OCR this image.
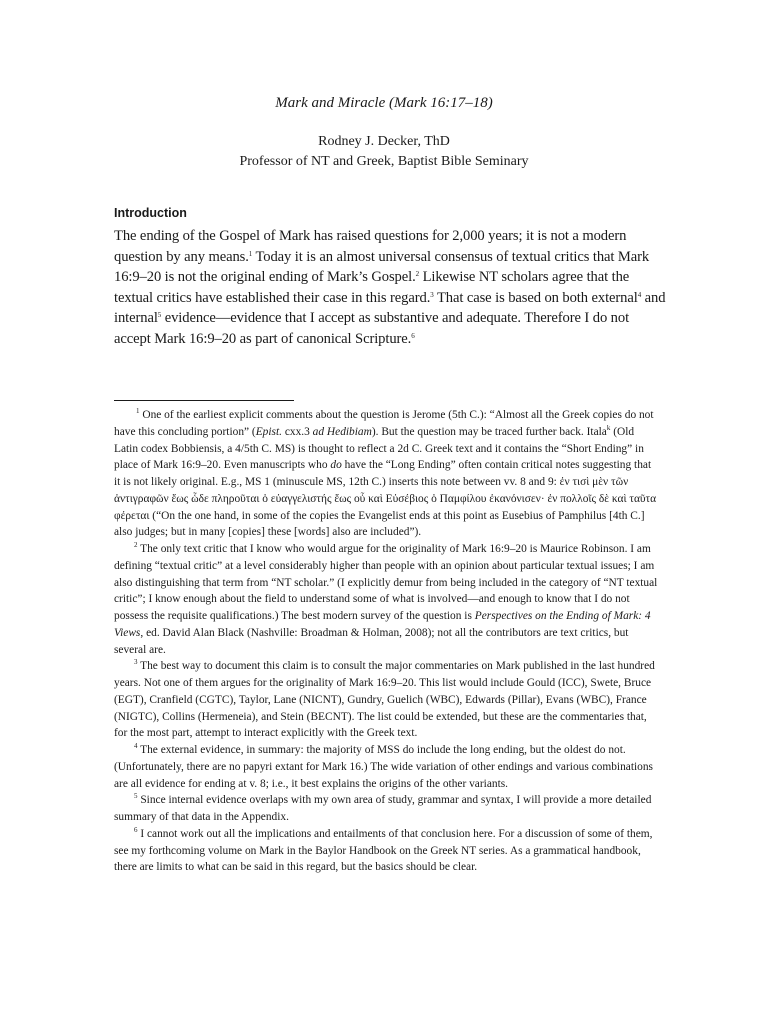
Mark and Miracle (Mark 16:17–18)
Rodney J. Decker, ThD
Professor of NT and Greek, Baptist Bible Seminary
Introduction

The ending of the Gospel of Mark has raised questions for 2,000 years; it is not a modern question by any means.$^1$ Today it is an almost universal consensus of textual critics that Mark 16:9–20 is not the original ending of Mark’s Gospel.$^2$ Likewise NT scholars agree that the textual critics have established their case in this regard.$^3$ That case is based on both external$^4$ and internal$^5$ evidence—evidence that I accept as substantive and adequate. Therefore I do not accept Mark 16:9–20 as part of canonical Scripture.$^6$

$^1$ One of the earliest explicit comments about the question is Jerome (5th C.): “Almost all the Greek copies do not have this concluding portion” (Epist. cxx.3 ad Hedibiam). But the question may be traced further back. Itala$^k$ (Old Latin codex Bobbiensis, a 4/5th C. MS) is thought to reflect a 2d C. Greek text and it contains the “Short Ending” in place of Mark 16:9–20. Even manuscripts who do have the “Long Ending” often contain critical notes suggesting that it is not likely original. E.g., MS 1 (minuscule MS, 12th C.) inserts this note between vv. 8 and 9: ἐν τισὶ μὲν τῶν ἀντιγραφῶν ἕως ὧδε πληροῦται ὁ εὐαγγελιστής ἕως οὗ καὶ Εὐσέβιος ὁ Παμφίλου ἐκανόνισεν· ἐν πολλοῖς δὲ καὶ ταῦτα φέρεται (“On the one hand, in some of the copies the Evangelist ends at this point as Eusebius of Pamphilus [4th C.] also judges; but in many [copies] these [words] also are included”).

$^2$ The only text critic that I know who would argue for the originality of Mark 16:9–20 is Maurice Robinson. I am defining “textual critic” at a level considerably higher than people with an opinion about particular textual issues; I am also distinguishing that term from “NT scholar.” (I explicitly demur from being included in the category of “NT textual critic”; I know enough about the field to understand some of what is involved—and enough to know that I do not possess the requisite qualifications.) The best modern survey of the question is Perspectives on the Ending of Mark: 4 Views, ed. David Alan Black (Nashville: Broadman & Holman, 2008); not all the contributors are text critics, but several are.

$^3$ The best way to document this claim is to consult the major commentaries on Mark published in the last hundred years. Not one of them argues for the originality of Mark 16:9–20. This list would include Gould (ICC), Swete, Bruce (EGT), Cranfield (CGTC), Taylor, Lane (NICNT), Gundry, Guelich (WBC), Edwards (Pillar), Evans (WBC), France (NIGTC), Collins (Hermeneia), and Stein (BECNT). The list could be extended, but these are the commentaries that, for the most part, attempt to interact explicitly with the Greek text.

$^4$ The external evidence, in summary: the majority of MSS do include the long ending, but the oldest do not. (Unfortunately, there are no papyri extant for Mark 16.) The wide variation of other endings and various combinations are all evidence for ending at v. 8; i.e., it best explains the origins of the other variants.

$^5$ Since internal evidence overlaps with my own area of study, grammar and syntax, I will provide a more detailed summary of that data in the Appendix.

$^6$ I cannot work out all the implications and entailments of that conclusion here. For a discussion of some of them, see my forthcoming volume on Mark in the Baylor Handbook on the Greek NT series. As a grammatical handbook, there are limits to what can be said in this regard, but the basics should be clear.
